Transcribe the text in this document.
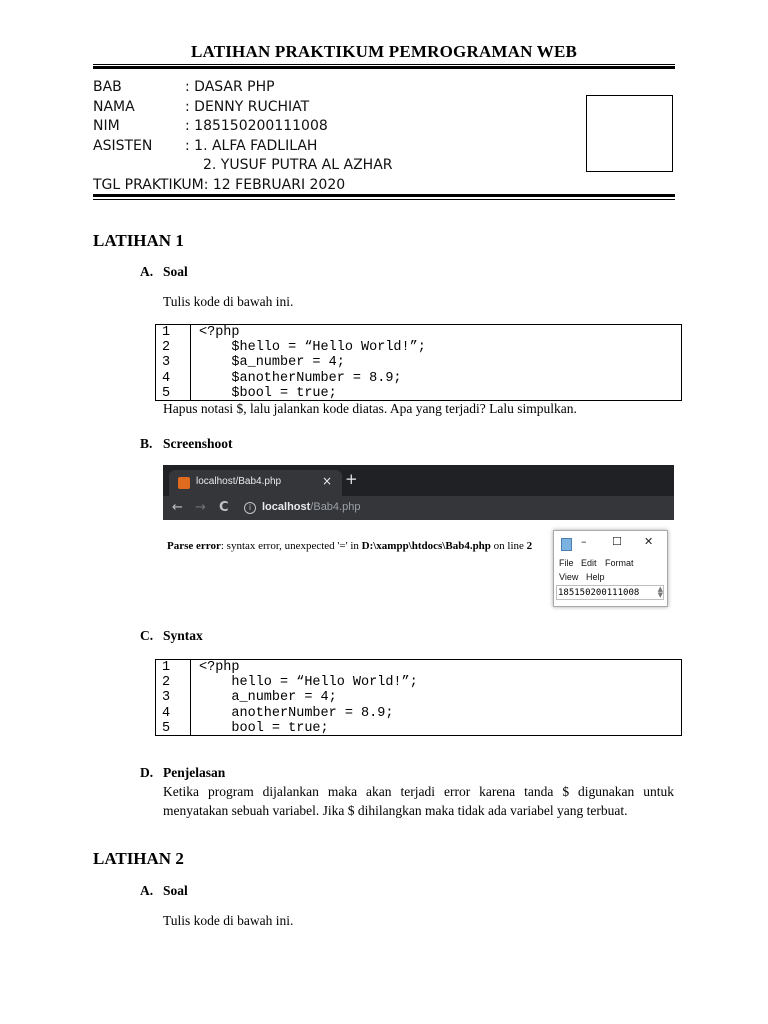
LATIHAN PRAKTIKUM PEMROGRAMAN WEB
BAB	: DASAR PHP
NAMA	: DENNY RUCHIAT
NIM	: 185150200111008
ASISTEN : 1. ALFA FADLILAH
2. YUSUF PUTRA AL AZHAR
TGL PRAKTIKUM: 12 FEBRUARI 2020
LATIHAN 1
A. Soal
Tulis kode di bawah ini.
1 <?php
2 $hello = “Hello World!”;
3 $a_number = 4;
4 $anotherNumber = 8.9;
5 $bool = true;
Hapus notasi $, lalu jalankan kode diatas. Apa yang terjadi? Lalu simpulkan.
B. Screenshoot
localhost/Bab4.php	× +
← → C	i localhost/Bab4.php
Parse error: syntax error, unexpected '=' in D:\xampp\htdocs\Bab4.php on line 2	– ☐ ✕
File Edit Format
View Help
185150200111008	▲
▼
C. Syntax
1 <?php
2 hello = “Hello World!”;
3 a_number = 4;
4 anotherNumber = 8.9;
5 bool = true;
D. Penjelasan
Ketika program dijalankan maka akan terjadi error karena tanda $ digunakan untuk
menyatakan sebuah variabel. Jika $ dihilangkan maka tidak ada variabel yang terbuat.
LATIHAN 2
A. Soal
Tulis kode di bawah ini.
